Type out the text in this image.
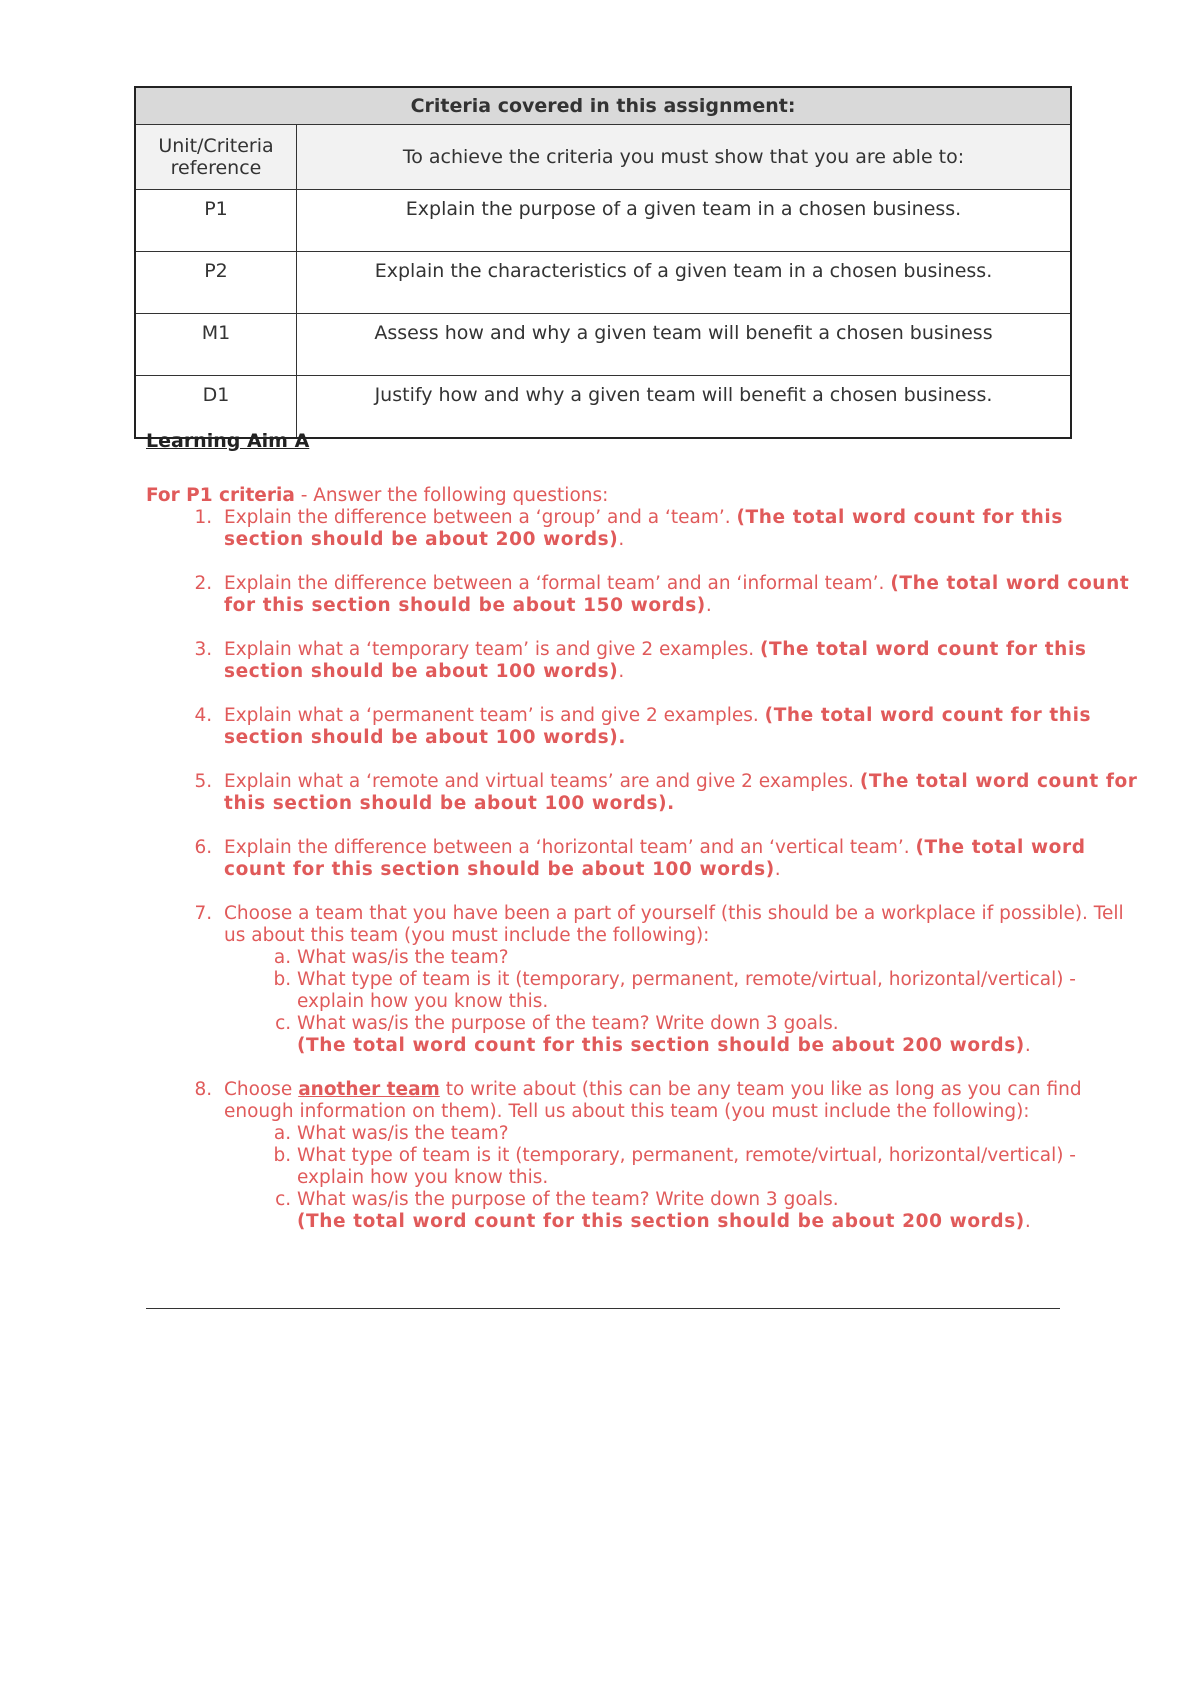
Criteria covered in this assignment:	
Unit/Criteria reference	To achieve the criteria you must show that you are able to:
P1	Explain the purpose of a given team in a chosen business.
P2	Explain the characteristics of a given team in a chosen business.
M1	Assess how and why a given team will benefit a chosen business
D1	Justify how and why a given team will benefit a chosen business.
Learning Aim A
For P1 criteria - Answer the following questions:
1. Explain the difference between a ‘group’ and a ‘team’. (The total word count for this section should be about 200 words).
2. Explain the difference between a ‘formal team’ and an ‘informal team’. (The total word count for this section should be about 150 words).
3. Explain what a ‘temporary team’ is and give 2 examples. (The total word count for this section should be about 100 words).
4. Explain what a ‘permanent team’ is and give 2 examples. (The total word count for this section should be about 100 words).
5. Explain what a ‘remote and virtual teams’ are and give 2 examples. (The total word count for this section should be about 100 words).
6. Explain the difference between a ‘horizontal team’ and an ‘vertical team’. (The total word count for this section should be about 100 words).
7. Choose a team that you have been a part of yourself (this should be a workplace if possible). Tell us about this team (you must include the following):
a. What was/is the team?
b. What type of team is it (temporary, permanent, remote/virtual, horizontal/vertical) - explain how you know this.
c. What was/is the purpose of the team? Write down 3 goals.
(The total word count for this section should be about 200 words).
8. Choose another team to write about (this can be any team you like as long as you can find enough information on them). Tell us about this team (you must include the following):
a. What was/is the team?
b. What type of team is it (temporary, permanent, remote/virtual, horizontal/vertical) - explain how you know this.
c. What was/is the purpose of the team? Write down 3 goals.
(The total word count for this section should be about 200 words).
